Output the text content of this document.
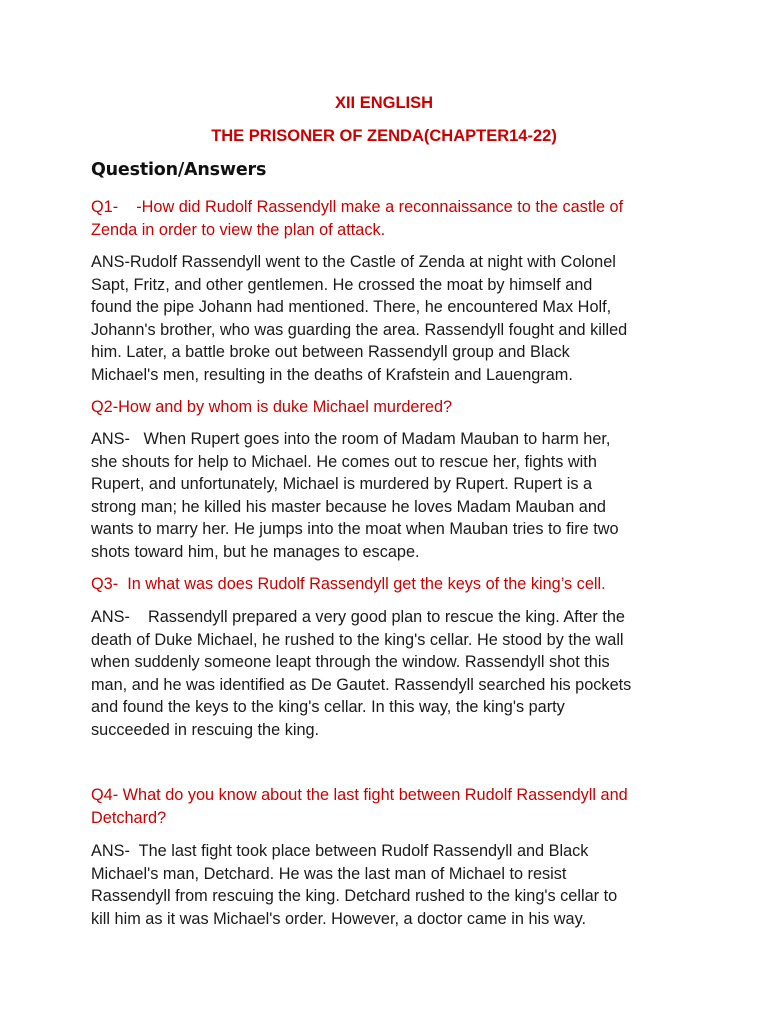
XII ENGLISH
THE PRISONER OF ZENDA(CHAPTER14-22)
Question/Answers
Q1-    -How did Rudolf Rassendyll make a reconnaissance to the castle of
Zenda in order to view the plan of attack.
ANS-Rudolf Rassendyll went to the Castle of Zenda at night with Colonel
Sapt, Fritz, and other gentlemen. He crossed the moat by himself and
found the pipe Johann had mentioned. There, he encountered Max Holf,
Johann's brother, who was guarding the area. Rassendyll fought and killed
him. Later, a battle broke out between Rassendyll group and Black
Michael's men, resulting in the deaths of Krafstein and Lauengram.
Q2-How and by whom is duke Michael murdered?
ANS-   When Rupert goes into the room of Madam Mauban to harm her,
she shouts for help to Michael. He comes out to rescue her, fights with
Rupert, and unfortunately, Michael is murdered by Rupert. Rupert is a
strong man; he killed his master because he loves Madam Mauban and
wants to marry her. He jumps into the moat when Mauban tries to fire two
shots toward him, but he manages to escape.
Q3-  In what was does Rudolf Rassendyll get the keys of the king’s cell.
ANS-    Rassendyll prepared a very good plan to rescue the king. After the
death of Duke Michael, he rushed to the king's cellar. He stood by the wall
when suddenly someone leapt through the window. Rassendyll shot this
man, and he was identified as De Gautet. Rassendyll searched his pockets
and found the keys to the king's cellar. In this way, the king's party
succeeded in rescuing the king.
Q4- What do you know about the last fight between Rudolf Rassendyll and
Detchard?
ANS-  The last fight took place between Rudolf Rassendyll and Black
Michael's man, Detchard. He was the last man of Michael to resist
Rassendyll from rescuing the king. Detchard rushed to the king's cellar to
kill him as it was Michael's order. However, a doctor came in his way.
